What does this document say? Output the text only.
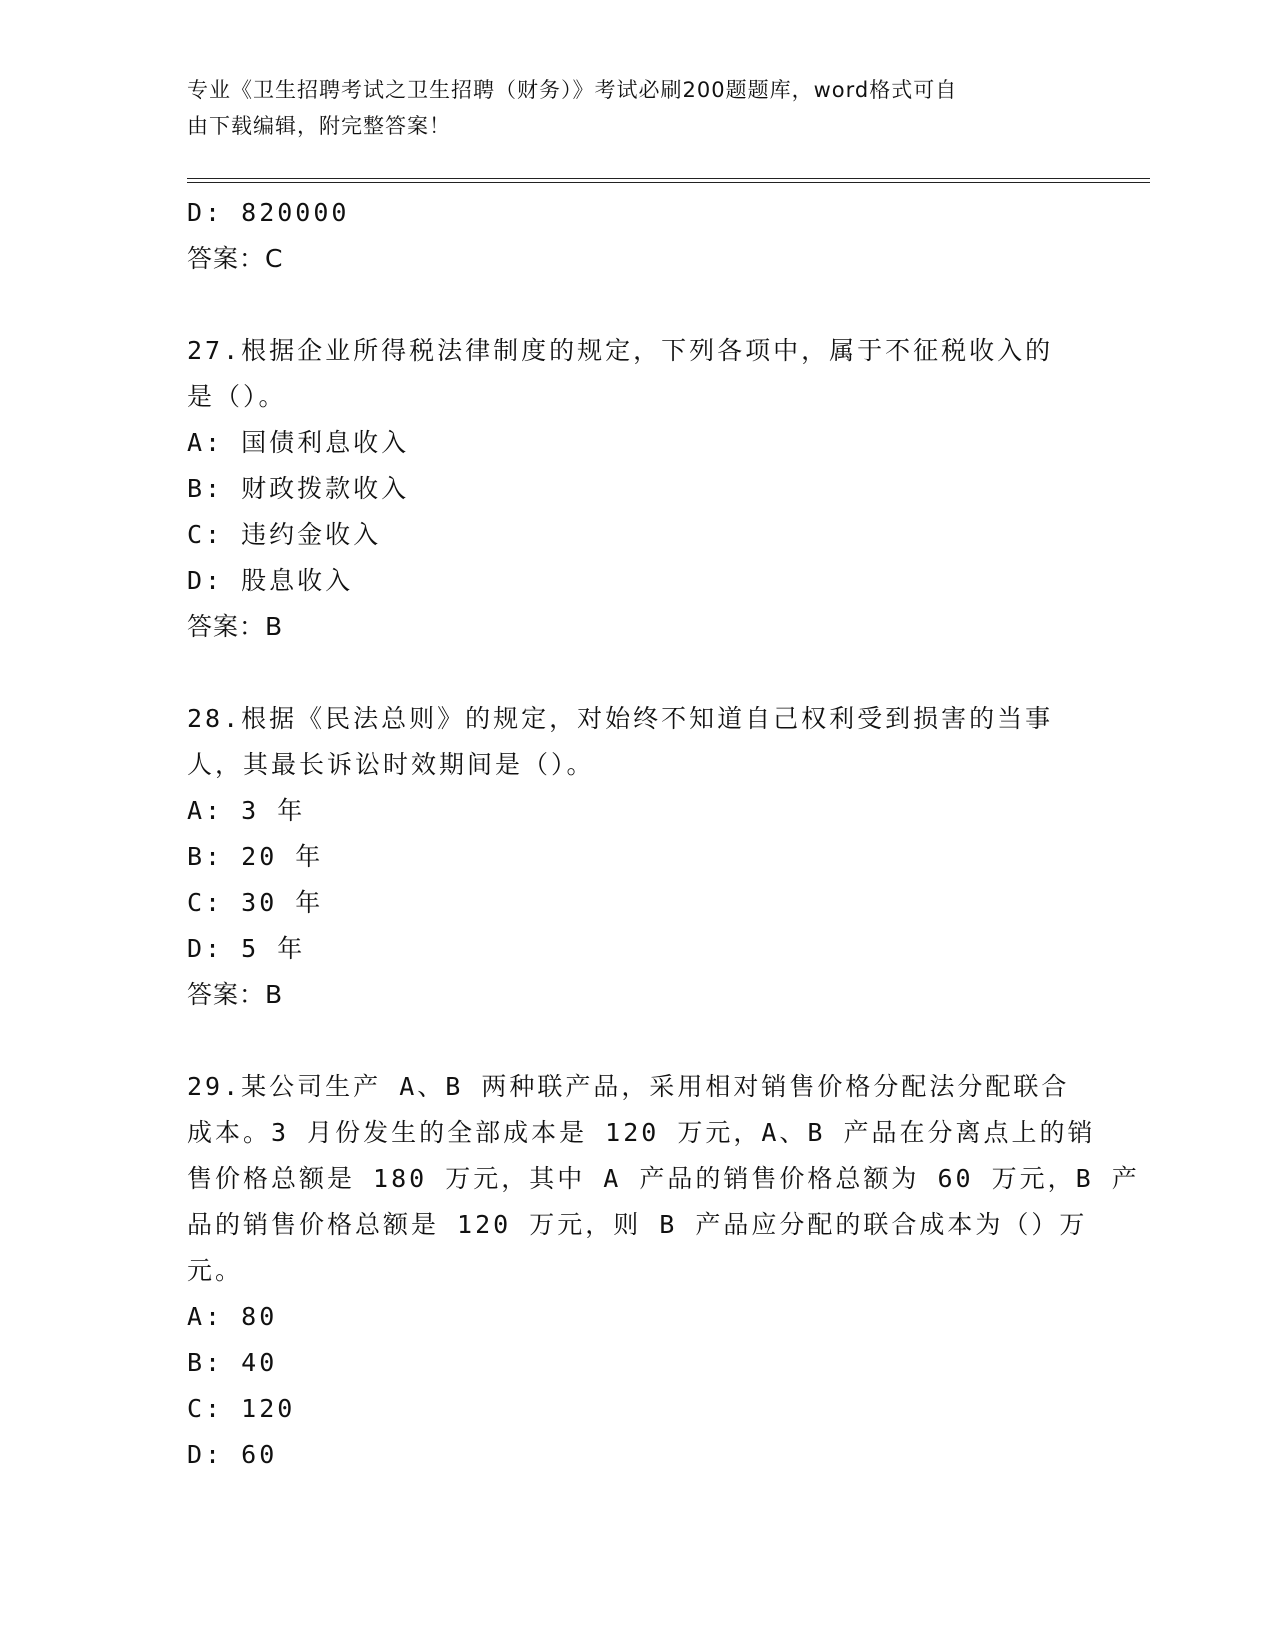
专业《卫生招聘考试之卫生招聘（财务）》考试必刷200题题库，word格式可自
由下载编辑，附完整答案！
D: 820000
答案：C
27.根据企业所得税法律制度的规定，下列各项中，属于不征税收入的
是（）。
A: 国债利息收入
B: 财政拨款收入
C: 违约金收入
D: 股息收入
答案：B
28.根据《民法总则》的规定，对始终不知道自己权利受到损害的当事
人，其最长诉讼时效期间是（）。
A: 3 年
B: 20 年
C: 30 年
D: 5 年
答案：B
29.某公司生产 A、B 两种联产品，采用相对销售价格分配法分配联合
成本。3 月份发生的全部成本是 120 万元，A、B 产品在分离点上的销
售价格总额是 180 万元，其中 A 产品的销售价格总额为 60 万元，B 产
品的销售价格总额是 120 万元，则 B 产品应分配的联合成本为（）万
元。
A: 80
B: 40
C: 120
D: 60
